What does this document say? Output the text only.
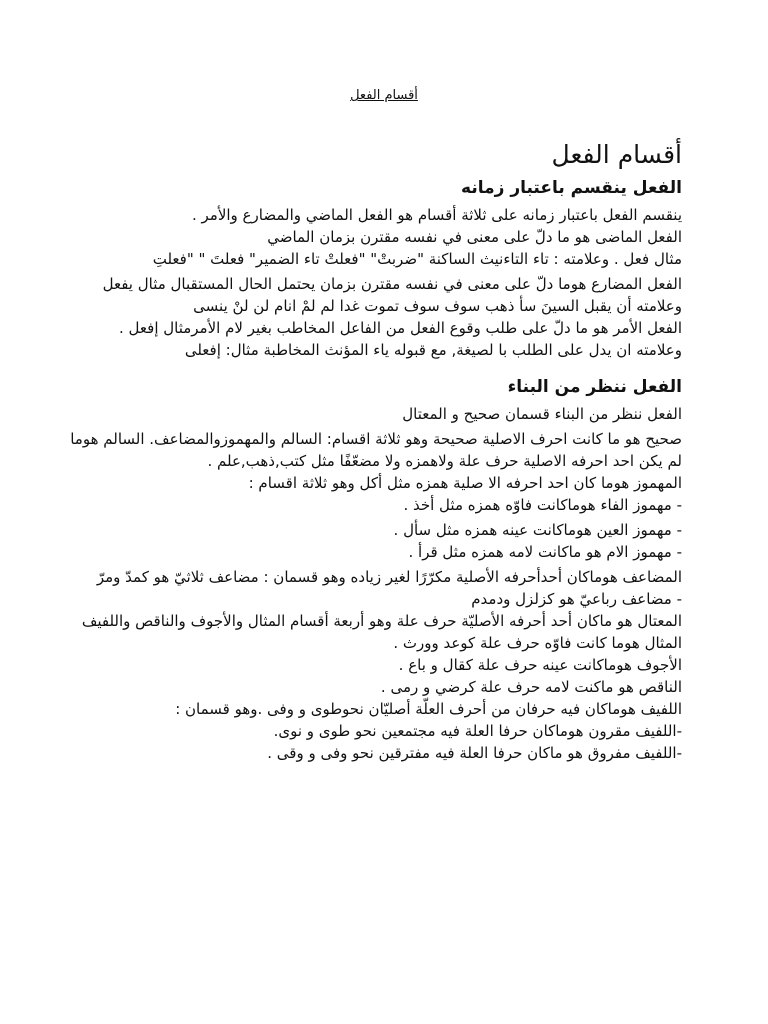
أقسام الفعل
أقسام الفعل
الفعل ينقسم باعتبار زمانه

ينقسم الفعل باعتبار زمانه على ثلاثة أقسام هو الفعل الماضي والمضارع والأمر .

الفعل الماضى هو ما دلّ على معنى في نفسه مقترن بزمان الماضي

مثال فعل . وعلامته : تاء التاءنيث الساكنة "ضربتْ" "فعلتْ تاء الضمير" فعلتَ " "فعلتِ

الفعل المضارع هوما دلّ على معنى في نفسه مقترن بزمان يحتمل الحال المستقبال مثال يفعل وعلامته أن يقبل السينَ سأ ذهب سوف سوف تموت غدا لم لمْ انام لن لنْ ينسى

الفعل الأمر هو ما دلّ على طلب وقوع الفعل من الفاعل المخاطب بغير لام الأمرمثال إفعل .

وعلامته ان يدل على الطلب با لصيغة, مع قبوله ياء المؤنث المخاطبة مثال: إفعلى

الفعل ننظر من البناء

الفعل ننظر من البناء قسمان صحيح و المعتال

صحيح هو ما كانت احرف الاصلية صحيحة وهو ثلاثة اقسام: السالم والمهموزوالمضاعف. السالم هوما لم يكن احد احرفه الاصلية حرف علة ولاهمزه ولا مضعّفًا مثل كتب,ذهب,علم .

المهموز هوما كان احد احرفه الا صلية همزه مثل أكل وهو ثلاثة اقسام :

- مهموز الفاء هوماكانت فاوّه همزه مثل أخذ .

- مهموز العين هوماكانت عينه همزه مثل سأل .

- مهموز الام هو ماكانت لامه همزه مثل قرأ .

المضاعف هوماكان أحدأحرفه الأصلية مكرّرًا لغير زياده وهو قسمان : مضاعف ثلاثيّ هو كمدّ ومرّ

- مضاعف رباعيّ هو كزلزل ودمدم

المعتال هو ماكان أحد أحرفه الأصليّة حرف علة وهو أربعة أقسام المثال والأجوف والناقص واللفيف

المثال هوما كانت فاوّه حرف علة كوعد وورث .

الأجوف هوماكانت عينه حرف علة كقال و باع .

الناقص هو ماكنت لامه حرف علة كرضي و رمى .

اللفيف هوماكان فيه حرفان من أحرف العلّة أصليّان نحوطوى و وفى .وهو قسمان :

-اللفيف مقرون هوماكان حرفا العلة فيه مجتمعين نحو طوى و نوى.

-اللفيف مفروق هو ماكان حرفا العلة فيه مفترقين نحو وفى و وقى .
